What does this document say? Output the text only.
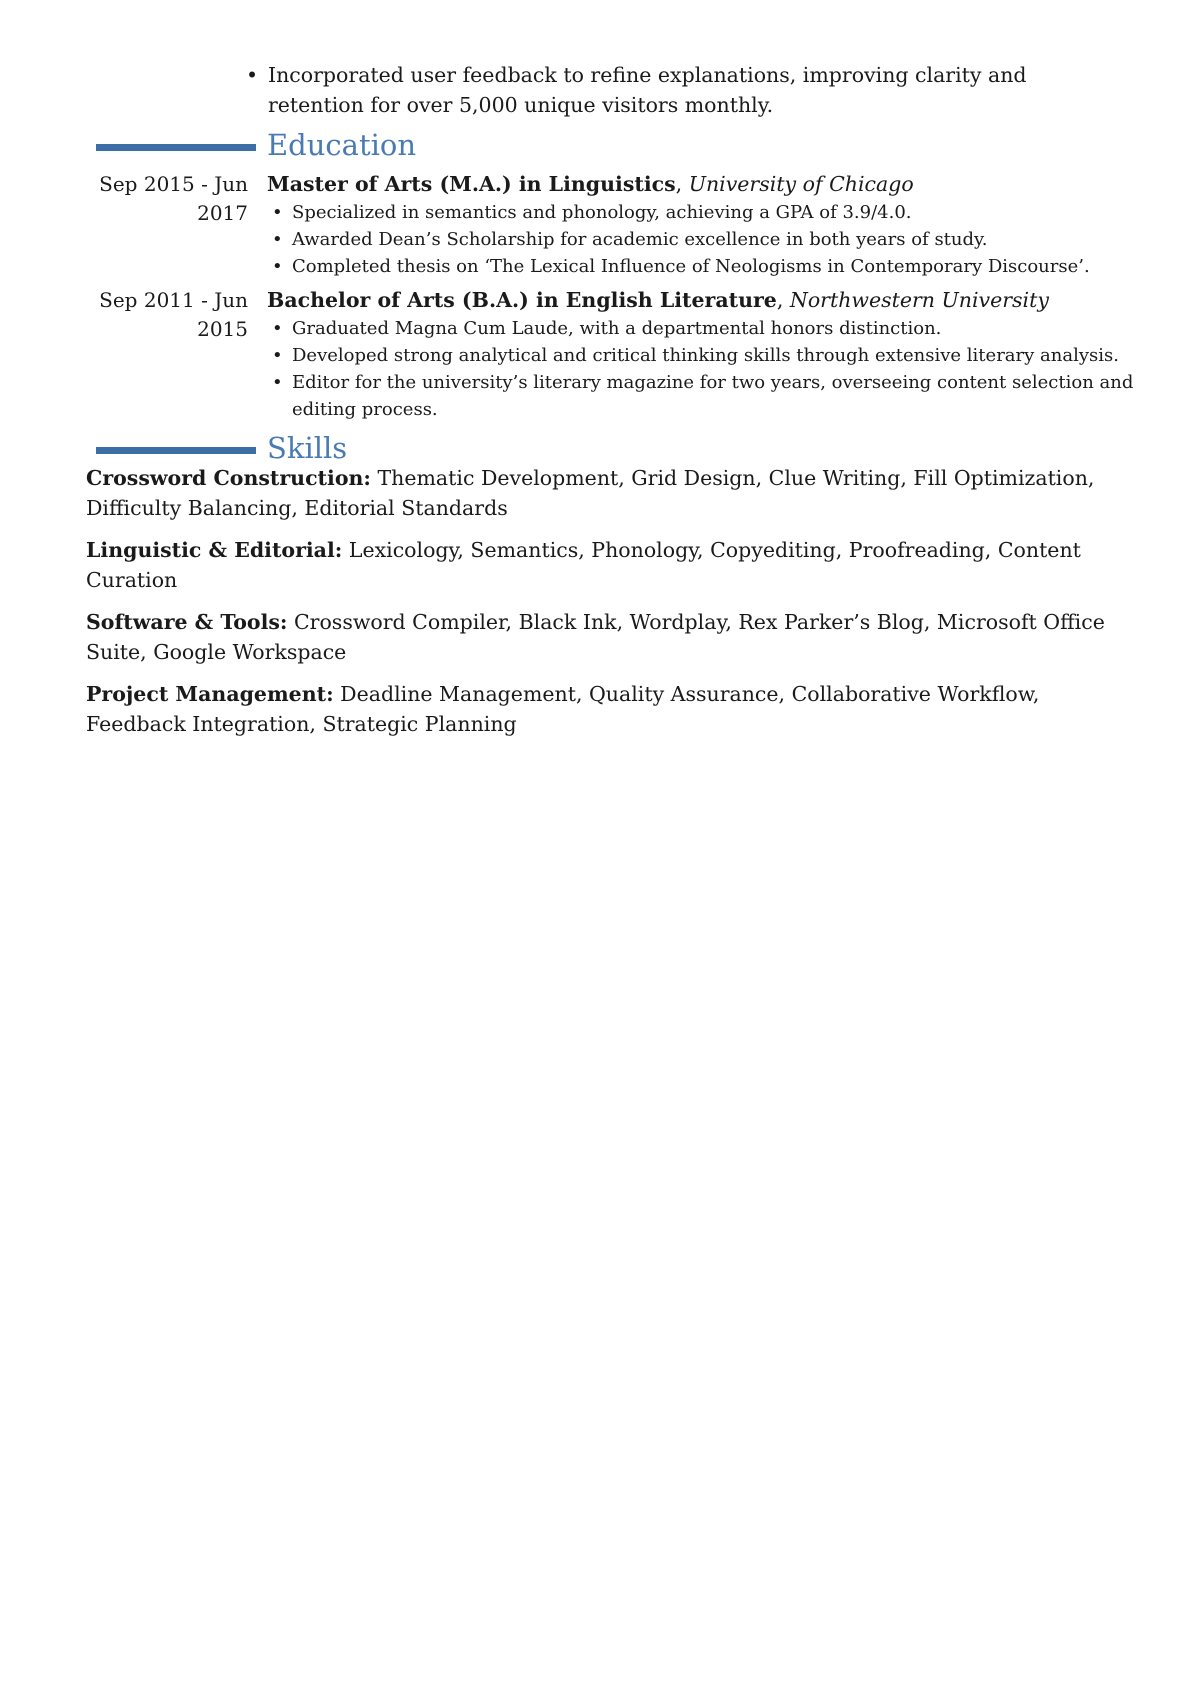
• Incorporated user feedback to refine explanations, improving clarity and retention for over 5,000 unique visitors monthly.
Education
Sep 2015 - Jun
2017

Master of Arts (M.A.) in Linguistics, University of Chicago

• Specialized in semantics and phonology, achieving a GPA of 3.9/4.0.
• Awarded Dean’s Scholarship for academic excellence in both years of study.
• Completed thesis on ‘The Lexical Influence of Neologisms in Contemporary Discourse’.
Sep 2011 - Jun
2015

Bachelor of Arts (B.A.) in English Literature, Northwestern University

• Graduated Magna Cum Laude, with a departmental honors distinction.
• Developed strong analytical and critical thinking skills through extensive literary analysis.
• Editor for the university’s literary magazine for two years, overseeing content selection and editing process.
Skills

Crossword Construction: Thematic Development, Grid Design, Clue Writing, Fill Optimization, Difficulty Balancing, Editorial Standards

Linguistic & Editorial: Lexicology, Semantics, Phonology, Copyediting, Proofreading, Content Curation

Software & Tools: Crossword Compiler, Black Ink, Wordplay, Rex Parker’s Blog, Microsoft Office Suite, Google Workspace

Project Management: Deadline Management, Quality Assurance, Collaborative Workflow, Feedback Integration, Strategic Planning
